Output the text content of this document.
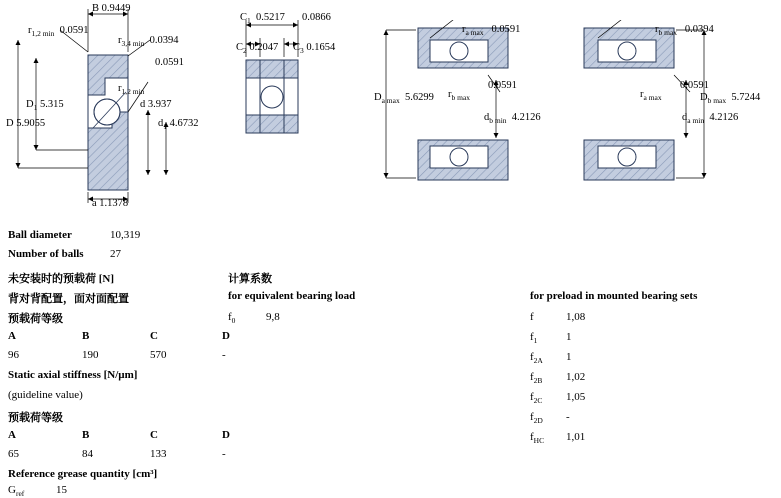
B 0.9449
$r_{1,2 min}$ 0.0591
$r_{3,4 min}$ 0.0394
0.0591
$r_{1,2 min}$
$D_1$ 5.315
D 5.9055
d 3.937
$d_1$ 4.6732
a 1.1378
$C_1$ 0.5217 0.0866
$C_2$ 0.2047 $C_3$ 0.1654
$r_{a max}$ 0.0591
0.0591
$r_{b max}$
$D_{a max}$ 5.6299
$d_{b min}$ 4.2126
$r_{b max}$ 0.0394
0.0591
$r_{a max}$	$D_{b max}$ 5.7244
$d_{a min}$ 4.2126
Ball diameter	10,319
Number of balls 27
未安装时的预载荷 [N]
背对背配置，面对面配置
预载荷等级
A	B	C	D
96	190	570	-
Static axial stiffness [N/µm]
(guideline value)
预载荷等级
A	B	C	D
65	84	133	-
Reference grease quantity [cm³]
$G_{ref}$	15
计算系数
for equivalent bearing load
$f_0$	9,8
for preload in mounted bearing sets
f	1,08
$f_1$	1
$f_{2A}$ 1
$f_{2B}$ 1,02
$f_{2C}$ 1,05
$f_{2D}$ -
$f_{HC}$ 1,01
